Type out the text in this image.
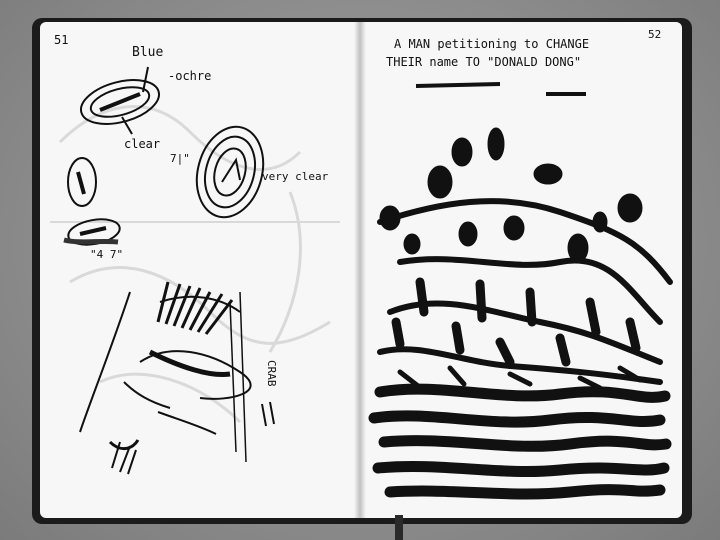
51
Blue
-ochre
clear
7|"
very clear
"4 7"
CRAB
52
A MAN petitioning to CHANGE
THEIR name TO "DONALD DONG"
